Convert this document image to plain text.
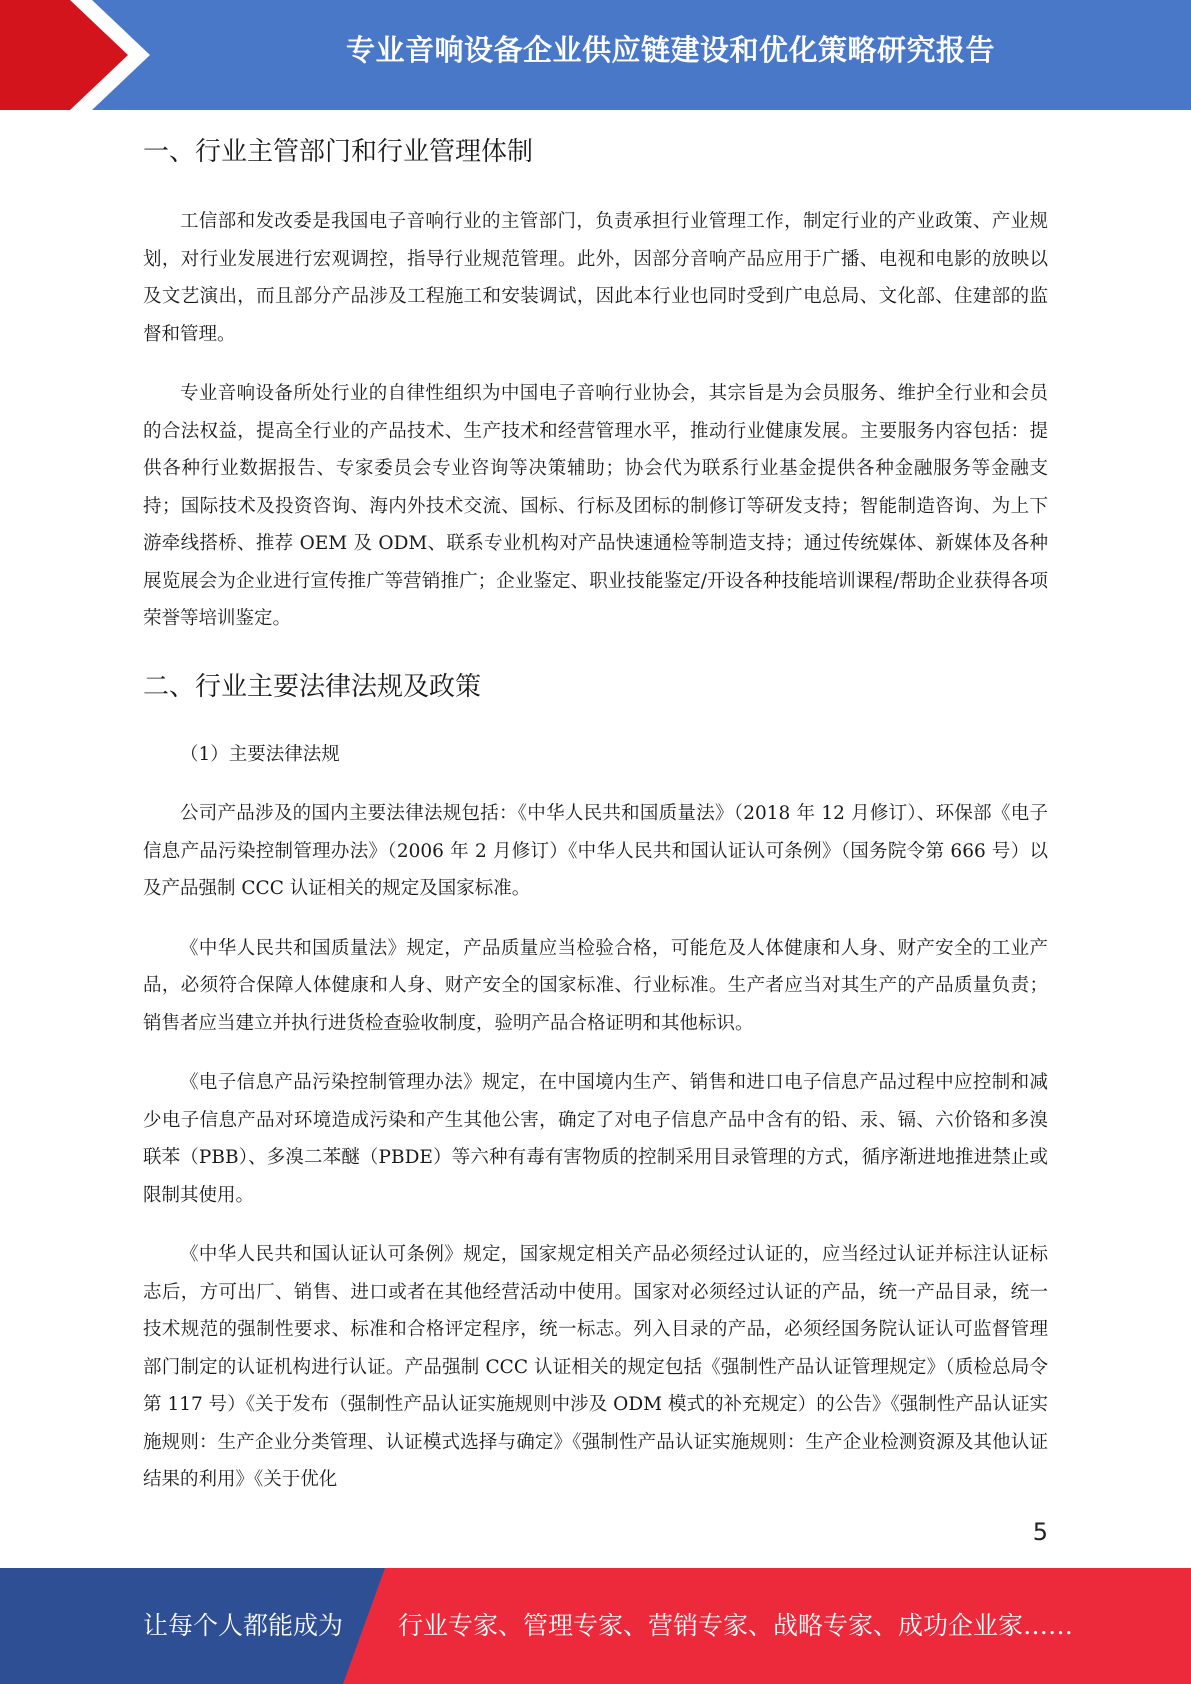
专业音响设备企业供应链建设和优化策略研究报告
一、行业主管部门和行业管理体制

工信部和发改委是我国电子音响行业的主管部门，负责承担行业管理工作，制定行业的产业政策、产业规划，对行业发展进行宏观调控，指导行业规范管理。此外，因部分音响产品应用于广播、电视和电影的放映以及文艺演出，而且部分产品涉及工程施工和安装调试，因此本行业也同时受到广电总局、文化部、住建部的监督和管理。

专业音响设备所处行业的自律性组织为中国电子音响行业协会，其宗旨是为会员服务、维护全行业和会员的合法权益，提高全行业的产品技术、生产技术和经营管理水平，推动行业健康发展。主要服务内容包括：提供各种行业数据报告、专家委员会专业咨询等决策辅助；协会代为联系行业基金提供各种金融服务等金融支持；国际技术及投资咨询、海内外技术交流、国标、行标及团标的制修订等研发支持；智能制造咨询、为上下游牵线搭桥、推荐 OEM 及 ODM、联系专业机构对产品快速通检等制造支持；通过传统媒体、新媒体及各种展览展会为企业进行宣传推广等营销推广；企业鉴定、职业技能鉴定/开设各种技能培训课程/帮助企业获得各项荣誉等培训鉴定。

二、行业主要法律法规及政策

（1）主要法律法规

公司产品涉及的国内主要法律法规包括：《中华人民共和国质量法》（2018 年 12 月修订）、环保部《电子信息产品污染控制管理办法》（2006 年 2 月修订）《中华人民共和国认证认可条例》（国务院令第 666 号）以及产品强制 CCC 认证相关的规定及国家标准。

《中华人民共和国质量法》规定，产品质量应当检验合格，可能危及人体健康和人身、财产安全的工业产品，必须符合保障人体健康和人身、财产安全的国家标准、行业标准。生产者应当对其生产的产品质量负责；销售者应当建立并执行进货检查验收制度，验明产品合格证明和其他标识。

《电子信息产品污染控制管理办法》规定，在中国境内生产、销售和进口电子信息产品过程中应控制和减少电子信息产品对环境造成污染和产生其他公害，确定了对电子信息产品中含有的铅、汞、镉、六价铬和多溴联苯（PBB）、多溴二苯醚（PBDE）等六种有毒有害物质的控制采用目录管理的方式，循序渐进地推进禁止或限制其使用。

《中华人民共和国认证认可条例》规定，国家规定相关产品必须经过认证的，应当经过认证并标注认证标志后，方可出厂、销售、进口或者在其他经营活动中使用。国家对必须经过认证的产品，统一产品目录，统一技术规范的强制性要求、标准和合格评定程序，统一标志。列入目录的产品，必须经国务院认证认可监督管理部门制定的认证机构进行认证。产品强制 CCC 认证相关的规定包括《强制性产品认证管理规定》（质检总局令第 117 号）《关于发布（强制性产品认证实施规则中涉及 ODM 模式的补充规定）的公告》《强制性产品认证实施规则：生产企业分类管理、认证模式选择与确定》《强制性产品认证实施规则：生产企业检测资源及其他认证结果的利用》《关于优化

5
让每个人都能成为 行业专家、管理专家、营销专家、战略专家、成功企业家……
